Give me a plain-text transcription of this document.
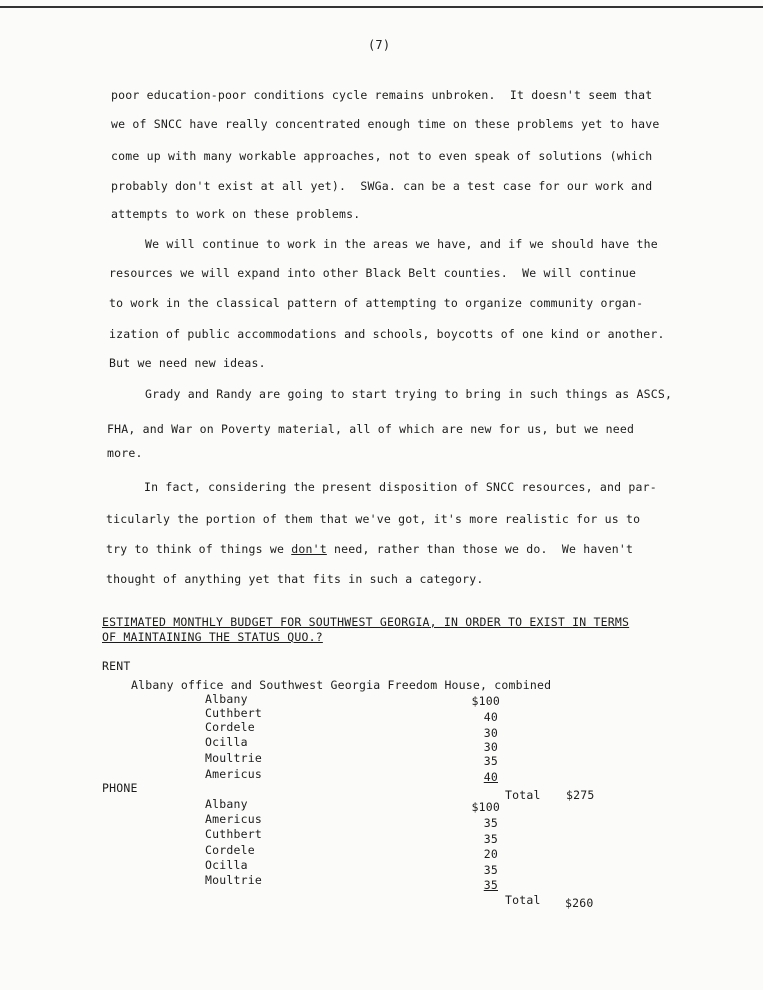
(7)
poor education-poor conditions cycle remains unbroken.  It doesn't seem that
we of SNCC have really concentrated enough time on these problems yet to have
come up with many workable approaches, not to even speak of solutions (which
probably don't exist at all yet).  SWGa. can be a test case for our work and
attempts to work on these problems.
We will continue to work in the areas we have, and if we should have the
resources we will expand into other Black Belt counties.  We will continue
to work in the classical pattern of attempting to organize community organ-
ization of public accommodations and schools, boycotts of one kind or another.
But we need new ideas.
Grady and Randy are going to start trying to bring in such things as ASCS,
FHA, and War on Poverty material, all of which are new for us, but we need
more.
In fact, considering the present disposition of SNCC resources, and par-
ticularly the portion of them that we've got, it's more realistic for us to
try to think of things we don't need, rather than those we do.  We haven't
thought of anything yet that fits in such a category.
ESTIMATED MONTHLY BUDGET FOR SOUTHWEST GEORGIA, IN ORDER TO EXIST IN TERMS
OF MAINTAINING THE STATUS QUO.?
RENT
Albany office and Southwest Georgia Freedom House, combined
Albany	$100
Cuthbert	40
Cordele	30
Ocilla	30
Moultrie	35
Americus	40
Total $275
PHONE
Albany	$100
Americus	35
Cuthbert	35
Cordele	20
Ocilla	35
Moultrie	35
Total $260
